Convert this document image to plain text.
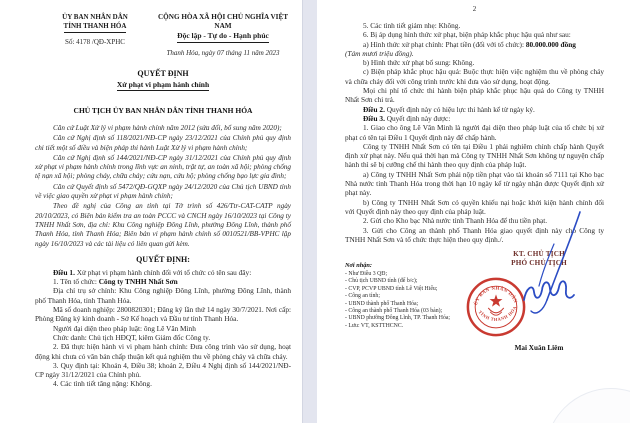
ỦY BAN NHÂN DÂN
TỈNH THANH HÓA
Số: 4178 /QĐ-XPHC
CỘNG HÒA XÃ HỘI CHỦ NGHĨA VIỆT NAM
Độc lập - Tự do - Hạnh phúc
Thanh Hóa, ngày 07 tháng 11 năm 2023
QUYẾT ĐỊNH
Xử phạt vi phạm hành chính
CHỦ TỊCH ỦY BAN NHÂN DÂN TỈNH THANH HÓA

Căn cứ Luật Xử lý vi phạm hành chính năm 2012 (sửa đổi, bổ sung năm 2020);

Căn cứ Nghị định số 118/2021/NĐ-CP ngày 23/12/2021 của Chính phủ quy định chi tiết một số điều và biện pháp thi hành Luật Xử lý vi phạm hành chính;

Căn cứ Nghị định số 144/2021/NĐ-CP ngày 31/12/2021 của Chính phủ quy định xử phạt vi phạm hành chính trong lĩnh vực an ninh, trật tự, an toàn xã hội; phòng chống tệ nạn xã hội; phòng cháy, chữa cháy; cứu nạn, cứu hộ; phòng chống bạo lực gia đình;

Căn cứ Quyết định số 5472/QĐ-GQXP ngày 24/12/2020 của Chủ tịch UBND tỉnh về việc giao quyền xử phạt vi phạm hành chính;

Theo đề nghị của Công an tỉnh tại Tờ trình số 426/Ttr-CAT-CATP ngày 20/10/2023, có Biên bản kiểm tra an toàn PCCC và CNCH ngày 16/10/2023 tại Công ty TNHH Nhất Sơn, địa chỉ: Khu Công nghiệp Đông Lĩnh, phường Đông Lĩnh, thành phố Thanh Hóa, tỉnh Thanh Hóa; Biên bản vi phạm hành chính số 0010521/BB-VPHC lập ngày 16/10/2023 và các tài liệu có liên quan gửi kèm.

QUYẾT ĐỊNH:

Điều 1. Xử phạt vi phạm hành chính đối với tổ chức có tên sau đây:

1. Tên tổ chức: Công ty TNHH Nhất Sơn

Địa chỉ trụ sở chính: Khu Công nghiệp Đông Lĩnh, phường Đông Lĩnh, thành phố Thanh Hóa, tỉnh Thanh Hóa.

Mã số doanh nghiệp: 2800820301; Đăng ký lần thứ 14 ngày 30/7/2021. Nơi cấp: Phòng Đăng ký kinh doanh - Sở Kế hoạch và Đầu tư tỉnh Thanh Hóa.

Người đại diện theo pháp luật: ông Lê Văn Minh

Chức danh: Chủ tịch HĐQT, kiêm Giám đốc Công ty.

2. Đã thực hiện hành vi vi phạm hành chính: Đưa công trình vào sử dụng, hoạt động khi chưa có văn bản chấp thuận kết quả nghiệm thu về phòng cháy và chữa cháy.

3. Quy định tại: Khoản 4, Điều 38; khoản 2, Điều 4 Nghị định số 144/2021/NĐ-CP ngày 31/12/2021 của Chính phủ.

4. Các tình tiết tăng nặng: Không.

2

5. Các tình tiết giảm nhẹ: Không.

6. Bị áp dụng hình thức xử phạt, biện pháp khắc phục hậu quả như sau:

a) Hình thức xử phạt chính: Phạt tiền (đối với tổ chức): 80.000.000 đồng

(Tám mươi triệu đồng).

b) Hình thức xử phạt bổ sung: Không.

c) Biện pháp khắc phục hậu quả: Buộc thực hiện việc nghiệm thu về phòng cháy và chữa cháy đối với công trình trước khi đưa vào sử dụng, hoạt động.

Mọi chi phí tổ chức thi hành biện pháp khắc phục hậu quả do Công ty TNHH Nhất Sơn chi trả.

Điều 2. Quyết định này có hiệu lực thi hành kể từ ngày ký.

Điều 3. Quyết định này được:

1. Giao cho ông Lê Văn Minh là người đại diện theo pháp luật của tổ chức bị xử phạt có tên tại Điều 1 Quyết định này để chấp hành.

Công ty TNHH Nhất Sơn có tên tại Điều 1 phải nghiêm chỉnh chấp hành Quyết định xử phạt này. Nếu quá thời hạn mà Công ty TNHH Nhất Sơn không tự nguyện chấp hành thì sẽ bị cưỡng chế thi hành theo quy định của pháp luật.

a) Công ty TNHH Nhất Sơn phải nộp tiền phạt vào tài khoản số 7111 tại Kho bạc Nhà nước tỉnh Thanh Hóa trong thời hạn 10 ngày kể từ ngày nhận được Quyết định xử phạt này.

b) Công ty TNHH Nhất Sơn có quyền khiếu nại hoặc khởi kiện hành chính đối với Quyết định này theo quy định của pháp luật.

2. Gửi cho Kho bạc Nhà nước tỉnh Thanh Hóa để thu tiền phạt.

3. Gửi cho Công an thành phố Thanh Hóa giao quyết định này cho Công ty TNHH Nhất Sơn và tổ chức thực hiện theo quy định./.

Nơi nhận:

- Như Điều 3 QĐ;

- Chủ tịch UBND tỉnh (để b/c);

- CVP, PCVP UBND tỉnh Lê Việt Hiếu;

- Công an tỉnh;

- UBND thành phố Thanh Hóa;

- Công an thành phố Thanh Hóa (03 bản);

- UBND phường Đông Lĩnh, TP. Thanh Hóa;

- Lưu: VT, KSTTHCNC.

KT. CHỦ TỊCH
PHÓ CHỦ TỊCH
ỦY BAN NHÂN DÂN
TỈNH THANH HÓA
Mai Xuân Liêm
